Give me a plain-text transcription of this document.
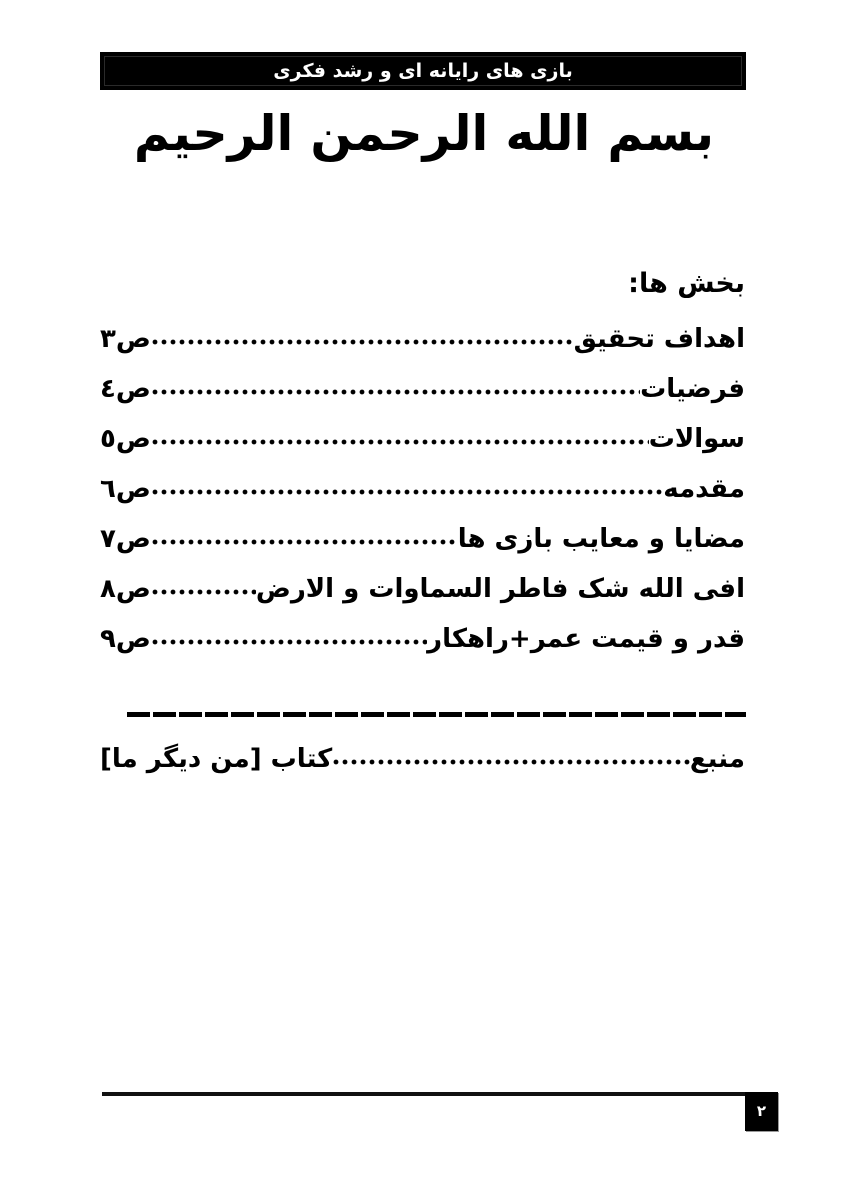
بازی های رایانه ای و رشد فکری
بسم الله الرحمن الرحيم
بخش ها:
اهداف تحقیق
ص٣
فرضیات
ص٤
سوالات
ص٥
مقدمه
ص٦
مضایا و معایب بازی ها
ص٧
افی الله شک فاطر السماوات و الارض
ص٨
قدر و قیمت عمر+راهکار
ص٩
منبع
کتاب [من دیگر ما]
۲
